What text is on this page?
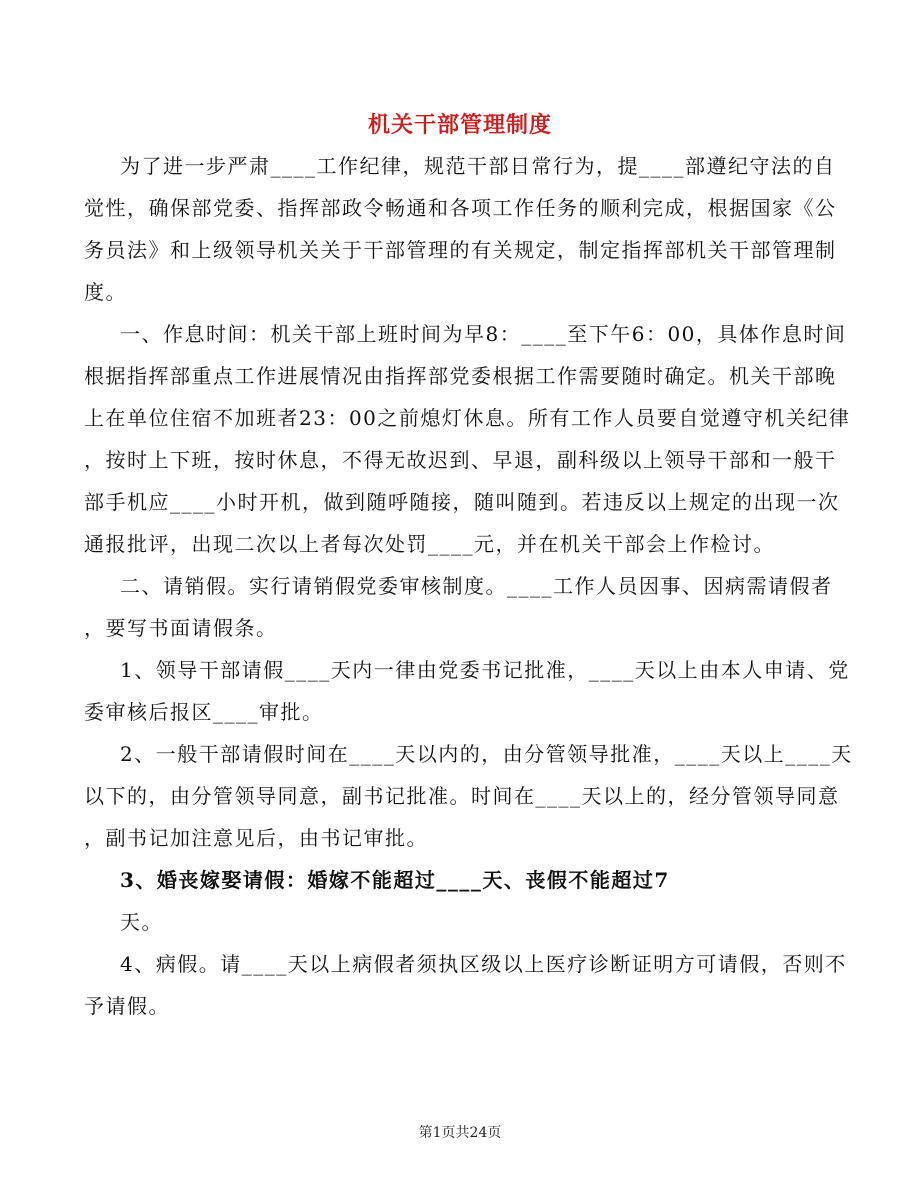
机关干部管理制度
为了进一步严肃____工作纪律，规范干部日常行为，提____部遵纪守法的自
觉性，确保部党委、指挥部政令畅通和各项工作任务的顺利完成，根据国家《公
务员法》和上级领导机关关于干部管理的有关规定，制定指挥部机关干部管理制
度。
一、作息时间：机关干部上班时间为早8：____至下午6：00，具体作息时间
根据指挥部重点工作进展情况由指挥部党委根据工作需要随时确定。机关干部晚
上在单位住宿不加班者23：00之前熄灯休息。所有工作人员要自觉遵守机关纪律
，按时上下班，按时休息，不得无故迟到、早退，副科级以上领导干部和一般干
部手机应____小时开机，做到随呼随接，随叫随到。若违反以上规定的出现一次
通报批评，出现二次以上者每次处罚____元，并在机关干部会上作检讨。
二、请销假。实行请销假党委审核制度。____工作人员因事、因病需请假者
，要写书面请假条。
1、领导干部请假____天内一律由党委书记批准，____天以上由本人申请、党
委审核后报区____审批。
2、一般干部请假时间在____天以内的，由分管领导批准，____天以上____天
以下的，由分管领导同意，副书记批准。时间在____天以上的，经分管领导同意
，副书记加注意见后，由书记审批。
3、婚丧嫁娶请假：婚嫁不能超过____天、丧假不能超过7
天。
4、病假。请____天以上病假者须执区级以上医疗诊断证明方可请假，否则不
予请假。
第1页共24页
